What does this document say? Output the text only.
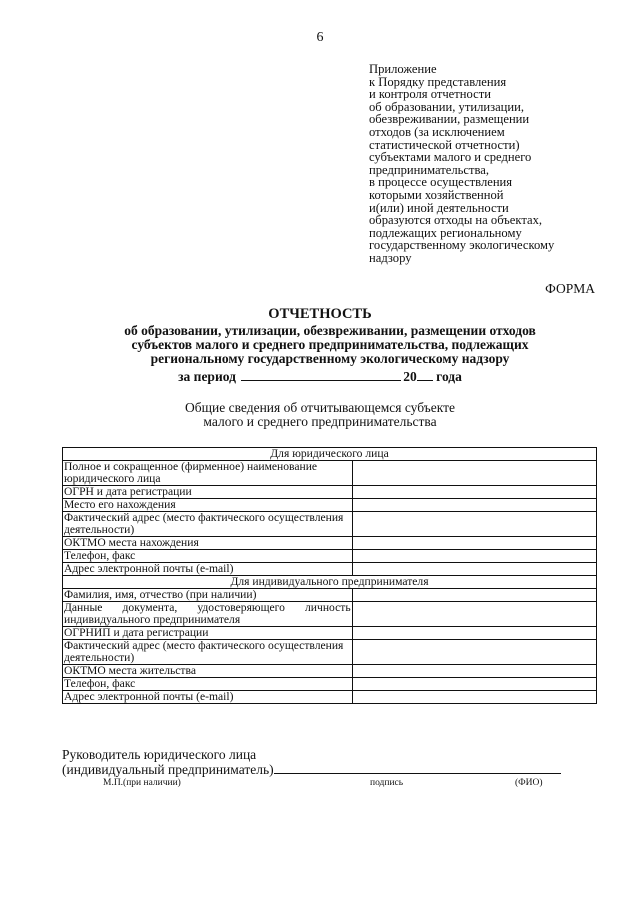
6
Приложение
к Порядку представления
и контроля отчетности
об образовании, утилизации,
обезвреживании, размещении
отходов (за исключением
статистической отчетности)
субъектами малого и среднего
предпринимательства,
в процессе осуществления
которыми хозяйственной
и(или) иной деятельности
образуются отходы на объектах,
подлежащих региональному
государственному экологическому
надзору
ФОРМА
ОТЧЕТНОСТЬ
об образовании, утилизации, обезвреживании, размещении отходов
субъектов малого и среднего предпринимательства, подлежащих
региональному государственному экологическому надзору
за период	20 года
Общие сведения об отчитывающемся субъекте
малого и среднего предпринимательства
Для юридического лица	
Полное и сокращенное (фирменное) наименование юридического лица	
ОГРН и дата регистрации	
Место его нахождения	
Фактический адрес (место фактического осуществления деятельности)	
ОКТМО места нахождения	
Телефон, факс	
Адрес электронной почты (e-mail)	
Для индивидуального предпринимателя	
Фамилия, имя, отчество (при наличии)	
Данные документа, удостоверяющего личность индивидуального предпринимателя	
ОГРНИП и дата регистрации	
Фактический адрес (место фактического осуществления деятельности)	
ОКТМО места жительства	
Телефон, факс	
Адрес электронной почты (e-mail)	
Руководитель юридического лица
(индивидуальный предприниматель)
М.П.(при наличии)	подпись	(ФИО)
